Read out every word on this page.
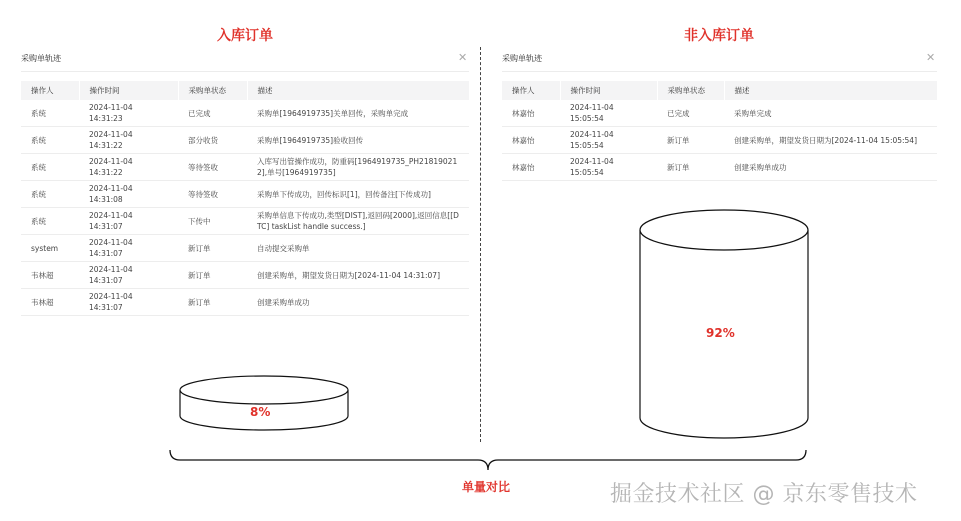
入库订单
采购单轨迹	✕
操作人	操作时间	采购单状态	描述
系统	2024-11-04 14:31:23	已完成	采购单[1964919735]关单回传，采购单完成
系统	2024-11-04 14:31:22	部分收货	采购单[1964919735]验收回传
系统	2024-11-04 14:31:22	等待签收	入库写出管操作成功，防重码[1964919735_PH218190212],单号[1964919735]
系统	2024-11-04 14:31:08	等待签收	采购单下传成功，回传标识[1]，回传备注[下传成功]
系统	2024-11-04 14:31:07	下传中	采购单信息下传成功,类型[DIST],返回码[2000],返回信息[[DTC] taskList handle success.]
system	2024-11-04 14:31:07	新订单	自动提交采购单
韦林超	2024-11-04 14:31:07	新订单	创建采购单，期望发货日期为[2024-11-04 14:31:07]
韦林超	2024-11-04 14:31:07	新订单	创建采购单成功
8%
非入库订单
采购单轨迹	✕
操作人	操作时间	采购单状态	描述
林嘉怡	2024-11-04 15:05:54	已完成	采购单完成
林嘉怡	2024-11-04 15:05:54	新订单	创建采购单，期望发货日期为[2024-11-04 15:05:54]
林嘉怡	2024-11-04 15:05:54	新订单	创建采购单成功
92%
单量对比	掘金技术社区 @ 京东零售技术
